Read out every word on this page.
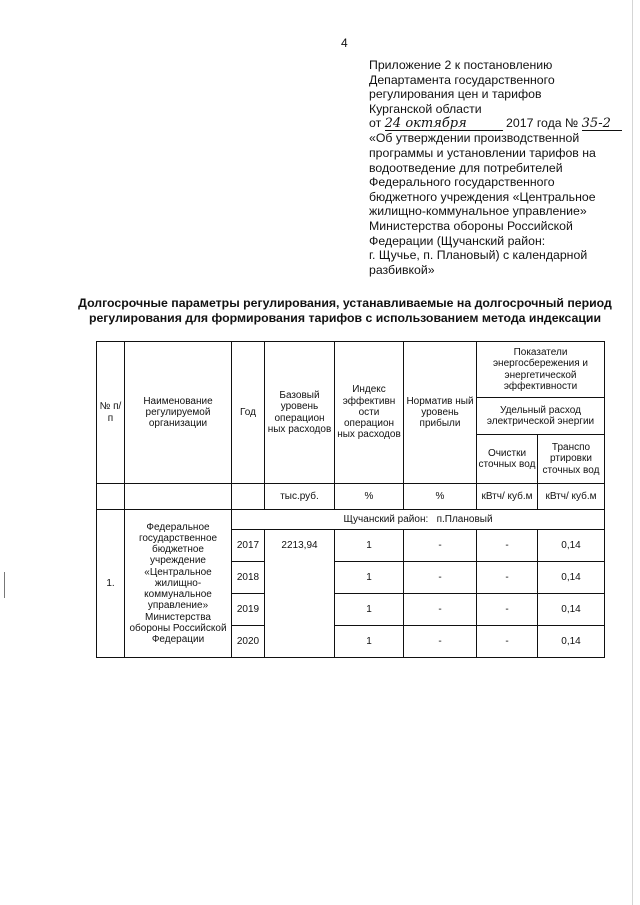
4
Приложение 2 к постановлению
Департамента государственного
регулирования цен и тарифов
Курганской области
от 24 октября	2017 года № 35-2
«Об утверждении производственной
программы и установлении тарифов на
водоотведение для потребителей
Федерального государственного
бюджетного учреждения «Центральное
жилищно-коммунальное управление»
Министерства обороны Российской
Федерации (Щучанский район:
г. Щучье, п. Плановый) с календарной
разбивкой»
Долгосрочные параметры регулирования, устанавливаемые на долгосрочный период
регулирования для формирования тарифов с использованием метода индексации
№ п/п	Наименование регулируемой организации	Год	Базовый уровень операцион ных расходов	Индекс эффективн ости операцион ных расходов	Норматив ный уровень прибыли	Показатели энергосбережения и энергетической эффективности	
						Удельный расход электрической энергии	
						Очистки сточных вод	Транспо ртировки сточных вод
			тыс.руб.	%	%	кВтч/ куб.м	кВтч/ куб.м
1.	Федеральное государственное бюджетное учреждение «Центральное жилищно-коммунальное управление» Министерства обороны Российской Федерации	Щучанский район: п.Плановый					
		2017	2213,94	1	-	-	0,14
		2018		1	-	-	0,14
		2019		1	-	-	0,14
		2020		1	-	-	0,14
